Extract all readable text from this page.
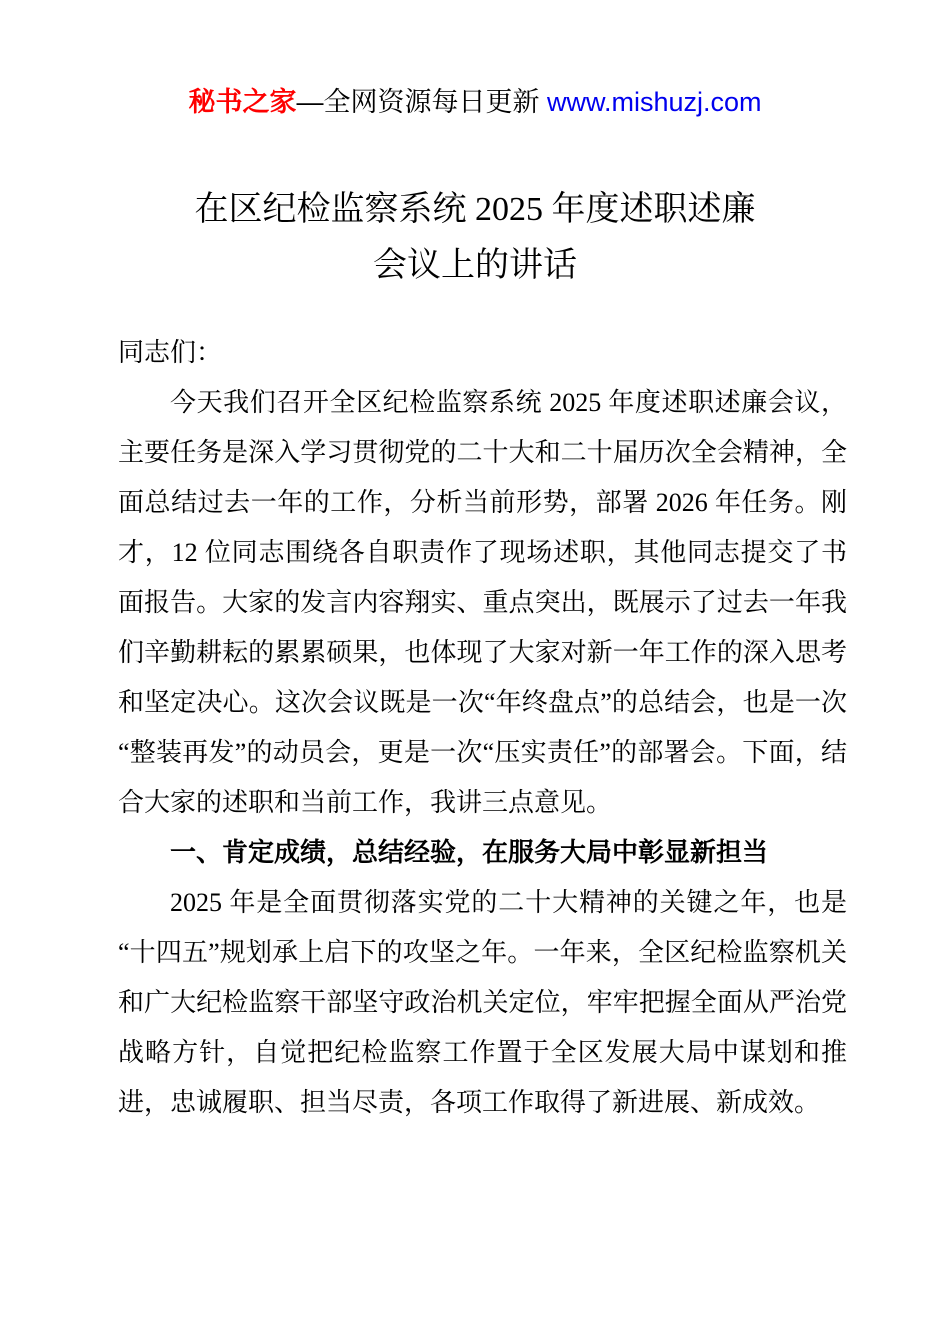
秘书之家—全网资源每日更新 www.mishuzj.com
在区纪检监察系统 2025 年度述职述廉
会议上的讲话

同志们：

今天我们召开全区纪检监察系统 2025 年度述职述廉会议，主要任务是深入学习贯彻党的二十大和二十届历次全会精神，全面总结过去一年的工作，分析当前形势，部署 2026 年任务。刚才，12 位同志围绕各自职责作了现场述职，其他同志提交了书面报告。大家的发言内容翔实、重点突出，既展示了过去一年我们辛勤耕耘的累累硕果，也体现了大家对新一年工作的深入思考和坚定决心。这次会议既是一次“年终盘点”的总结会，也是一次“整装再发”的动员会，更是一次“压实责任”的部署会。下面，结合大家的述职和当前工作，我讲三点意见。

一、肯定成绩，总结经验，在服务大局中彰显新担当

2025 年是全面贯彻落实党的二十大精神的关键之年，也是“十四五”规划承上启下的攻坚之年。一年来，全区纪检监察机关和广大纪检监察干部坚守政治机关定位，牢牢把握全面从严治党战略方针，自觉把纪检监察工作置于全区发展大局中谋划和推进，忠诚履职、担当尽责，各项工作取得了新进展、新成效。
